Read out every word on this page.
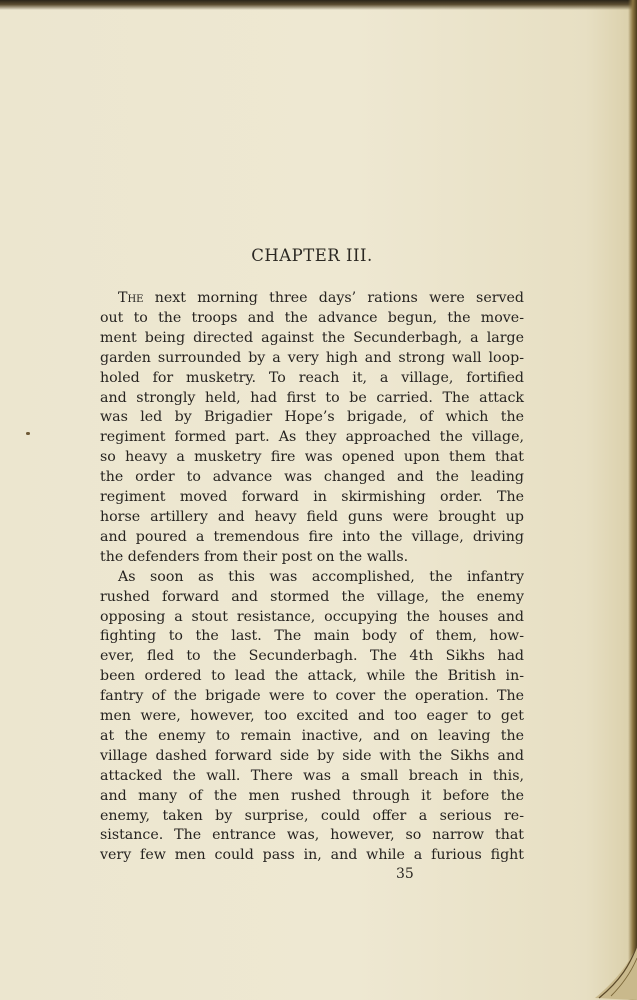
CHAPTER III.
The next morning three days’ rations were served
out to the troops and the advance begun, the move-
ment being directed against the Secunderbagh, a large
garden surrounded by a very high and strong wall loop-
holed for musketry. To reach it, a village, fortified
and strongly held, had first to be carried. The attack
was led by Brigadier Hope’s brigade, of which the
regiment formed part. As they approached the village,
so heavy a musketry fire was opened upon them that
the order to advance was changed and the leading
regiment moved forward in skirmishing order. The
horse artillery and heavy field guns were brought up
and poured a tremendous fire into the village, driving
the defenders from their post on the walls.
As soon as this was accomplished, the infantry
rushed forward and stormed the village, the enemy
opposing a stout resistance, occupying the houses and
fighting to the last. The main body of them, how-
ever, fled to the Secunderbagh. The 4th Sikhs had
been ordered to lead the attack, while the British in-
fantry of the brigade were to cover the operation. The
men were, however, too excited and too eager to get
at the enemy to remain inactive, and on leaving the
village dashed forward side by side with the Sikhs and
attacked the wall. There was a small breach in this,
and many of the men rushed through it before the
enemy, taken by surprise, could offer a serious re-
sistance. The entrance was, however, so narrow that
very few men could pass in, and while a furious fight
35
